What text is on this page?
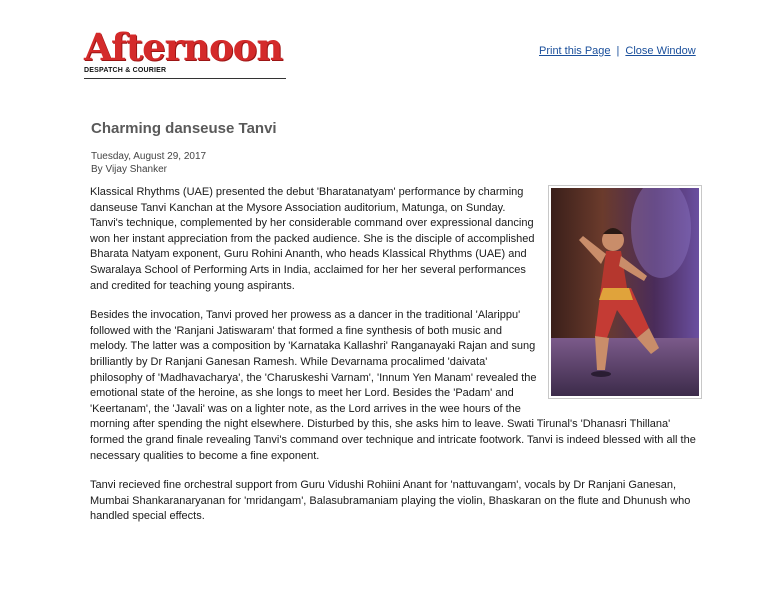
Afternoon
DESPATCH & COURIER
Print this Page | Close Window
Charming danseuse Tanvi
Tuesday, August 29, 2017
By Vijay Shanker

Klassical Rhythms (UAE) presented the debut 'Bharatanatyam' performance by charming danseuse Tanvi Kanchan at the Mysore Association auditorium, Matunga, on Sunday. Tanvi's technique, complemented by her considerable command over expressional dancing won her instant appreciation from the packed audience. She is the disciple of accomplished Bharata Natyam exponent, Guru Rohini Ananth, who heads Klassical Rhythms (UAE) and Swaralaya School of Performing Arts in India, acclaimed for her her several performances and credited for teaching young aspirants.

Besides the invocation, Tanvi proved her prowess as a dancer in the traditional 'Alarippu' followed with the 'Ranjani Jatiswaram' that formed a fine synthesis of both music and melody. The latter was a composition by 'Karnataka Kallashri' Ranganayaki Rajan and sung brilliantly by Dr Ranjani Ganesan Ramesh. While Devarnama procalimed 'daivata' philosophy of 'Madhavacharya', the 'Charuskeshi Varnam', 'Innum Yen Manam' revealed the emotional state of the heroine, as she longs to meet her Lord. Besides the 'Padam' and 'Keertanam', the 'Javali' was on a lighter note, as the Lord arrives in the wee hours of the morning after spending the night elsewhere. Disturbed by this, she asks him to leave. Swati Tirunal's 'Dhanasri Thillana' formed the grand finale revealing Tanvi's command over technique and intricate footwork. Tanvi is indeed blessed with all the necessary qualities to become a fine exponent.

Tanvi recieved fine orchestral support from Guru Vidushi Rohiini Anant for 'nattuvangam', vocals by Dr Ranjani Ganesan, Mumbai Shankaranaryanan for 'mridangam', Balasubramaniam playing the violin, Bhaskaran on the flute and Dhunush who handled special effects.
